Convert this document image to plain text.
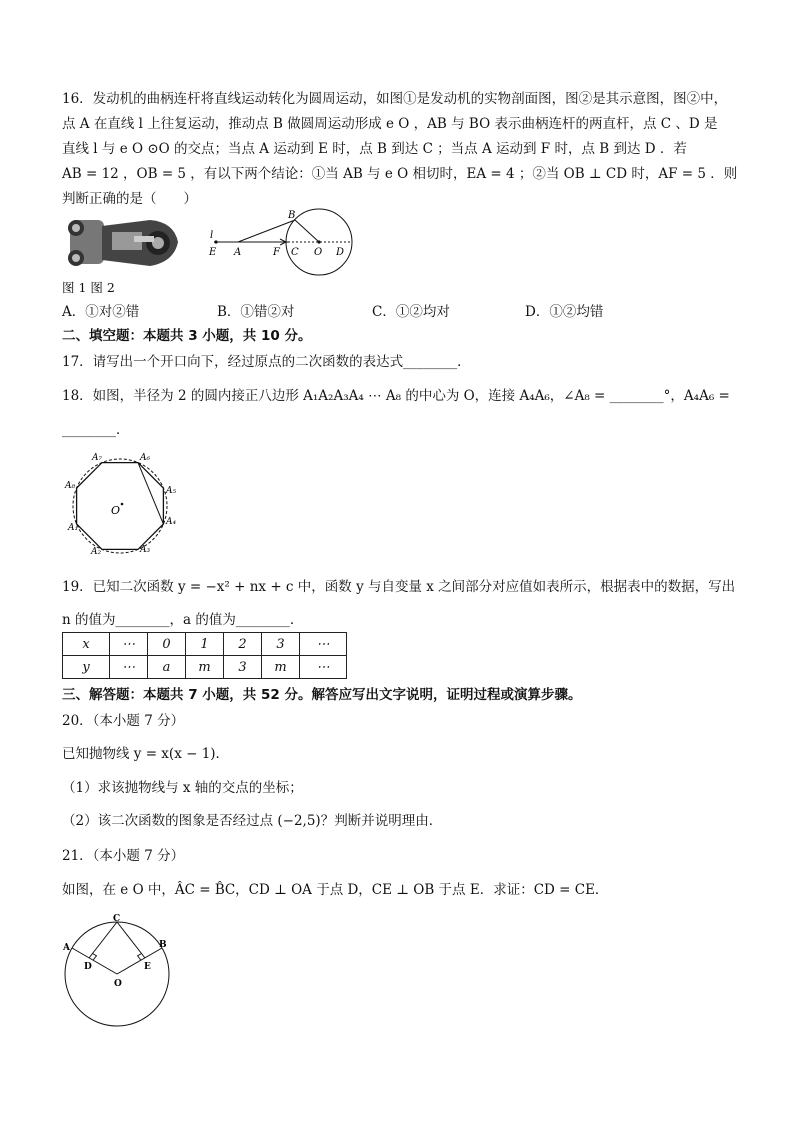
16．发动机的曲柄连杆将直线运动转化为圆周运动，如图①是发动机的实物剖面图，图②是其示意图，图②中，
点 A 在直线 l 上往复运动，推动点 B 做圆周运动形成 e O ，AB 与 BO 表示曲柄连杆的两直杆，点 C 、D 是
直线 l 与 e O ⊙O 的交点；当点 A 运动到 E 时，点 B 到达 C ；当点 A 运动到 F 时，点 B 到达 D ．若
AB = 12 ，OB = 5 ，有以下两个结论：①当 AB 与 e O 相切时，EA = 4 ；②当 OB ⊥ CD 时，AF = 5 ．则
判断正确的是（　　）
l
E A	F C O D
B
图 1 图 2
A．①对②错	B．①错②对	C．①②均对	D．①②均错
二、填空题：本题共 3 小题，共 10 分。
17．请写出一个开口向下，经过原点的二次函数的表达式________．
18．如图，半径为 2 的圆内接正八边形 A₁A₂A₃A₄ ⋯ A₈ 的中心为 O，连接 A₄A₆，∠A₈ = ________°，A₄A₆ =
________．
O
A₁
A₂	A₃
A₄
A₅
A₆
A₇
A₈
19．已知二次函数 y = −x² + nx + c 中，函数 y 与自变量 x 之间部分对应值如表所示，根据表中的数据，写出
n 的值为________，a 的值为________．
x	⋯	0	1	2	3	⋯
y	⋯	a	m	3	m	⋯
三、解答题：本题共 7 小题，共 52 分。解答应写出文字说明，证明过程或演算步骤。
20．（本小题 7 分）
已知抛物线 y = x(x − 1)．
（1）求该抛物线与 x 轴的交点的坐标；
（2）该二次函数的图象是否经过点 (−2,5)？判断并说明理由．
21．（本小题 7 分）
如图，在 e O 中，ÂC = B̂C，CD ⊥ OA 于点 D，CE ⊥ OB 于点 E．求证：CD = CE．
C
A	B
D	E
O
